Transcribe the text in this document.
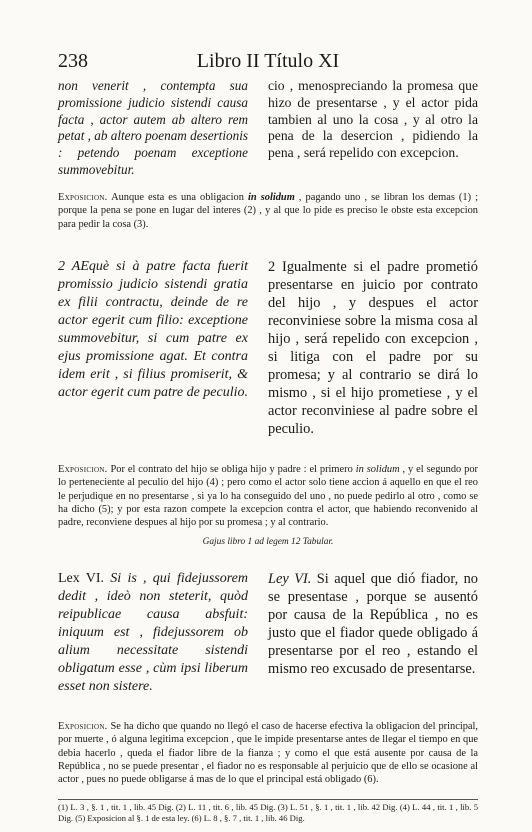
238	Libro II Título XI

non venerit , contempta sua promissione judicio sistendi causa facta , actor autem ab altero rem petat , ab altero poenam desertionis : petendo poenam exceptione summovebitur.

cio , menospreciando la promesa que hizo de presentarse , y el actor pida tambien al uno la cosa , y al otro la pena de la desercion , pidiendo la pena , será repelido con excepcion.

Exposicion. Aunque esta es una obligacion in solidum , pagando uno , se libran los demas (1) ; porque la pena se pone en lugar del interes (2) , y al que lo pide es preciso le obste esta excepcion para pedir la cosa (3).

2 AEquè si à patre facta fuerit promissio judicio sistendi gratia ex filii contractu, deinde de re actor egerit cum filio: exceptione summovebitur, si cum patre ex ejus promissione agat. Et contra idem erit , si filius promiserit, & actor egerit cum patre de peculio.

2 Igualmente si el padre prometió presentarse en juicio por contrato del hijo , y despues el actor reconviniese sobre la misma cosa al hijo , será repelido con excepcion , si litiga con el padre por su promesa; y al contrario se dirá lo mismo , si el hijo prometiese , y el actor reconviniese al padre sobre el peculio.

Exposicion. Por el contrato del hijo se obliga hijo y padre : el primero in solidum , y el segundo por lo perteneciente al peculio del hijo (4) ; pero como el actor solo tiene accion á aquello en que el reo le perjudique en no presentarse , si ya lo ha conseguido del uno , no puede pedirlo al otro , como se ha dicho (5); y por esta razon compete la excepcion contra el actor, que habiendo reconvenido al padre, reconviene despues al hijo por su promesa ; y al contrario.

Gajus libro 1 ad legem 12 Tabular.

Lex VI. Si is , qui fidejussorem dedit , ideò non steterit, quòd reipublicae causa absfuit: iniquum est , fidejussorem ob alium necessitate sistendi obligatum esse , cùm ipsi liberum esset non sistere.

Ley VI. Si aquel que dió fiador, no se presentase , porque se ausentó por causa de la República , no es justo que el fiador quede obligado á presentarse por el reo , estando el mismo reo excusado de presentarse.

Exposicion. Se ha dicho que quando no llegó el caso de hacerse efectiva la obligacion del principal, por muerte , ó alguna legitima excepcion , que le impide presentarse antes de llegar el tiempo en que debia hacerlo , queda el fiador libre de la fianza ; y como el que está ausente por causa de la República , no se puede presentar , el fiador no es responsable al perjuicio que de ello se ocasione al actor , pues no puede obligarse á mas de lo que el principal está obligado (6).

(1) L. 3 , §. 1 , tit. 1 , lib. 45 Dig. (2) L. 11 , tit. 6 , lib. 45 Dig. (3) L. 51 , §. 1 , tit. 1 , lib. 42 Dig. (4) L. 44 , tit. 1 , lib. 5 Dig. (5) Exposicion al §. 1 de esta ley. (6) L. 8 , §. 7 , tit. 1 , lib. 46 Dig.
